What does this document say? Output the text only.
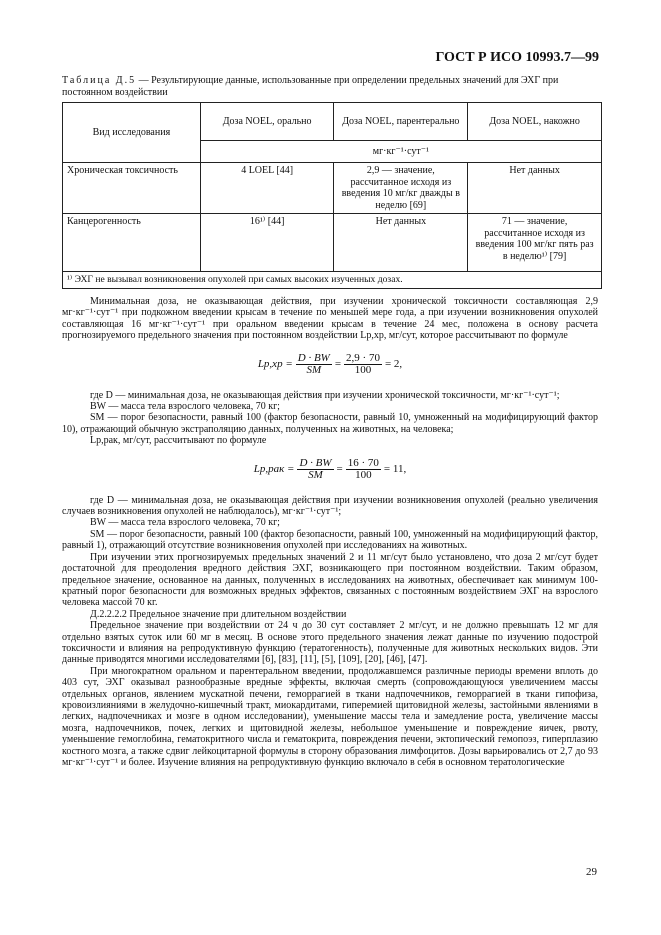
ГОСТ Р ИСО 10993.7—99
Таблица Д.5 — Результирующие данные, использованные при определении предельных значений для ЭХГ при постоянном воздействии
Вид исследования	Доза NOEL, орально	Доза NOEL, парентерально	Доза NOEL, накожно
	мг·кг⁻¹·сут⁻¹		
Хроническая токсичность	4 LOEL [44]	2,9 — значение, рассчитанное исходя из введения 10 мг/кг дважды в неделю [69]	Нет данных
Канцерогенность	16¹⁾ [44]	Нет данных	71 — значение, рассчитанное исходя из введения 100 мг/кг пять раз в неделю¹⁾ [79]
¹⁾ ЭХГ не вызывал возникновения опухолей при самых высоких изученных дозах.			

Минимальная доза, не оказывающая действия, при изучении хронической токсичности составляющая 2,9 мг·кг⁻¹·сут⁻¹ при подкожном введении крысам в течение по меньшей мере года, а при изучении возникновения опухолей составляющая 16 мг·кг⁻¹·сут⁻¹ при оральном введении крысам в течение 24 мес, положена в основу расчета прогнозируемого предельного значения при постоянном воздействии Lp,хр, мг/сут, которое рассчитывают по формуле

$Lp,хр = \frac{D \cdot BW}{SM} = \frac{2,9 \cdot 70}{100} = 2$,

где D — минимальная доза, не оказывающая действия при изучении хронической токсичности, мг·кг⁻¹·сут⁻¹;

BW — масса тела взрослого человека, 70 кг;

SM — порог безопасности, равный 100 (фактор безопасности, равный 10, умноженный на модифицирующий фактор 10), отражающий обычную экстраполяцию данных, полученных на животных, на человека;

Lp,рак, мг/сут, рассчитывают по формуле

$Lp,рак = \frac{D \cdot BW}{SM} = \frac{16 \cdot 70}{100} = 11$,

где D — минимальная доза, не оказывающая действия при изучении возникновения опухолей (реально увеличения случаев возникновения опухолей не наблюдалось), мг·кг⁻¹·сут⁻¹;

BW — масса тела взрослого человека, 70 кг;

SM — порог безопасности, равный 100 (фактор безопасности, равный 100, умноженный на модифицирующий фактор, равный 1), отражающий отсутствие возникновения опухолей при исследованиях на животных.

При изучении этих прогнозируемых предельных значений 2 и 11 мг/сут было установлено, что доза 2 мг/сут будет достаточной для преодоления вредного действия ЭХГ, возникающего при постоянном воздействии. Таким образом, предельное значение, основанное на данных, полученных в исследованиях на животных, обеспечивает как минимум 100-кратный порог безопасности для возможных вредных эффектов, связанных с постоянным воздействием ЭХГ на взрослого человека массой 70 кг.

Д.2.2.2.2 Предельное значение при длительном воздействии

Предельное значение при воздействии от 24 ч до 30 сут составляет 2 мг/сут, и не должно превышать 12 мг для отдельно взятых суток или 60 мг в месяц. В основе этого предельного значения лежат данные по изучению подострой токсичности и влияния на репродуктивную функцию (тератогенность), полученные для животных нескольких видов. Эти данные приводятся многими исследователями [6], [83], [11], [5], [109], [20], [46], [47].

При многократном оральном и парентеральном введении, продолжавшемся различные периоды времени вплоть до 403 сут, ЭХГ оказывал разнообразные вредные эффекты, включая смерть (сопровождающуюся увеличением массы отдельных органов, явлением мускатной печени, геморрагией в ткани надпочечников, геморрагией в ткани гипофиза, кровоизлияниями в желудочно-кишечный тракт, миокардитами, гиперемией щитовидной железы, застойными явлениями в легких, надпочечниках и мозге в одном исследовании), уменьшение массы тела и замедление роста, увеличение массы мозга, надпочечников, почек, легких и щитовидной железы, небольшое уменьшение и повреждение яичек, рвоту, уменьшение гемоглобина, гематокритного числа и гематокрита, повреждения печени, эктопический гемопоэз, гиперплазию костного мозга, а также сдвиг лейкоцитарной формулы в сторону образования лимфоцитов. Дозы варьировались от 2,7 до 93 мг·кг⁻¹·сут⁻¹ и более. Изучение влияния на репродуктивную функцию включало в себя в основном тератологические

29
